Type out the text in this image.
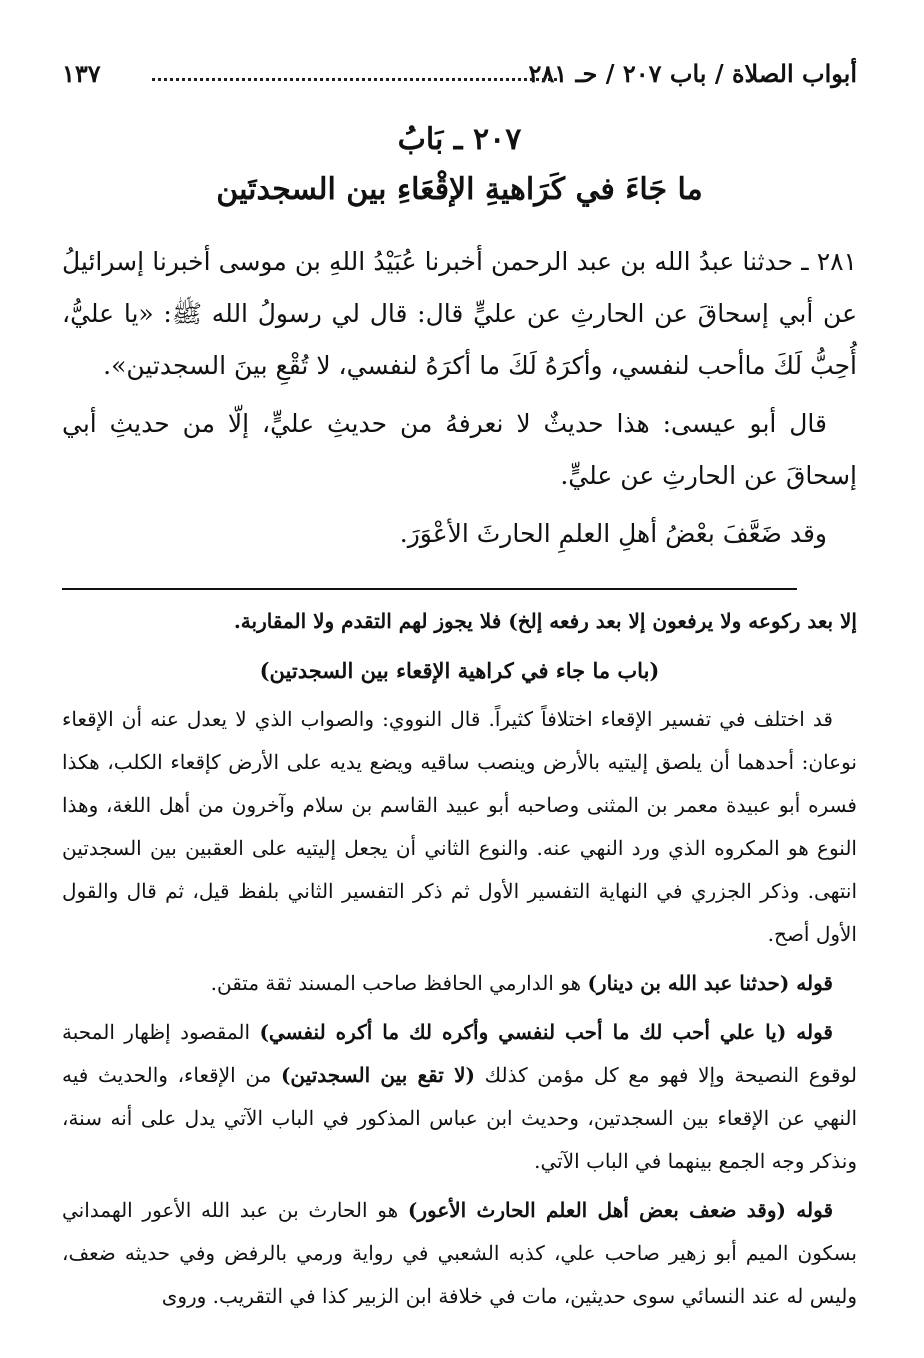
أبواب الصلاة / باب ٢٠٧ / حـ ٢٨١
١٣٧
٢٠٧ ـ بَابُ
ما جَاءَ في كَرَاهيةِ الإقْعَاءِ بين السجدتَين

٢٨١ ـ حدثنا عبدُ الله بن عبد الرحمن أخبرنا عُبَيْدُ اللهِ بن موسى أخبرنا إسرائيلُ عن أبي إسحاقَ عن الحارثِ عن عليٍّ قال: قال لي رسولُ الله ﷺ: «يا عليُّ، أُحِبُّ لَكَ ماأحب لنفسي، وأكرَهُ لَكَ ما أكرَهُ لنفسي، لا تُقْعِ بينَ السجدتين».

قال أبو عيسى: هذا حديثٌ لا نعرفهُ من حديثِ عليٍّ، إلّا من حديثِ أبي إسحاقَ عن الحارثِ عن عليٍّ.

وقد ضَعَّفَ بعْضُ أهلِ العلمِ الحارثَ الأعْوَرَ.

إلا بعد ركوعه ولا يرفعون إلا بعد رفعه إلخ) فلا يجوز لهم التقدم ولا المقاربة.

(باب ما جاء في كراهية الإقعاء بين السجدتين)

قد اختلف في تفسير الإقعاء اختلافاً كثيراً. قال النووي: والصواب الذي لا يعدل عنه أن الإقعاء نوعان: أحدهما أن يلصق إليتيه بالأرض وينصب ساقيه ويضع يديه على الأرض كإقعاء الكلب، هكذا فسره أبو عبيدة معمر بن المثنى وصاحبه أبو عبيد القاسم بن سلام وآخرون من أهل اللغة، وهذا النوع هو المكروه الذي ورد النهي عنه. والنوع الثاني أن يجعل إليتيه على العقبين بين السجدتين انتهى. وذكر الجزري في النهاية التفسير الأول ثم ذكر التفسير الثاني بلفظ قيل، ثم قال والقول الأول أصح.

قوله (حدثنا عبد الله بن دينار) هو الدارمي الحافظ صاحب المسند ثقة متقن.

قوله (يا علي أحب لك ما أحب لنفسي وأكره لك ما أكره لنفسي) المقصود إظهار المحبة لوقوع النصيحة وإلا فهو مع كل مؤمن كذلك (لا تقع بين السجدتين) من الإقعاء، والحديث فيه النهي عن الإقعاء بين السجدتين، وحديث ابن عباس المذكور في الباب الآتي يدل على أنه سنة، ونذكر وجه الجمع بينهما في الباب الآتي.

قوله (وقد ضعف بعض أهل العلم الحارث الأعور) هو الحارث بن عبد الله الأعور الهمداني بسكون الميم أبو زهير صاحب علي، كذبه الشعبي في رواية ورمي بالرفض وفي حديثه ضعف، وليس له عند النسائي سوى حديثين، مات في خلافة ابن الزبير كذا في التقريب. وروى
